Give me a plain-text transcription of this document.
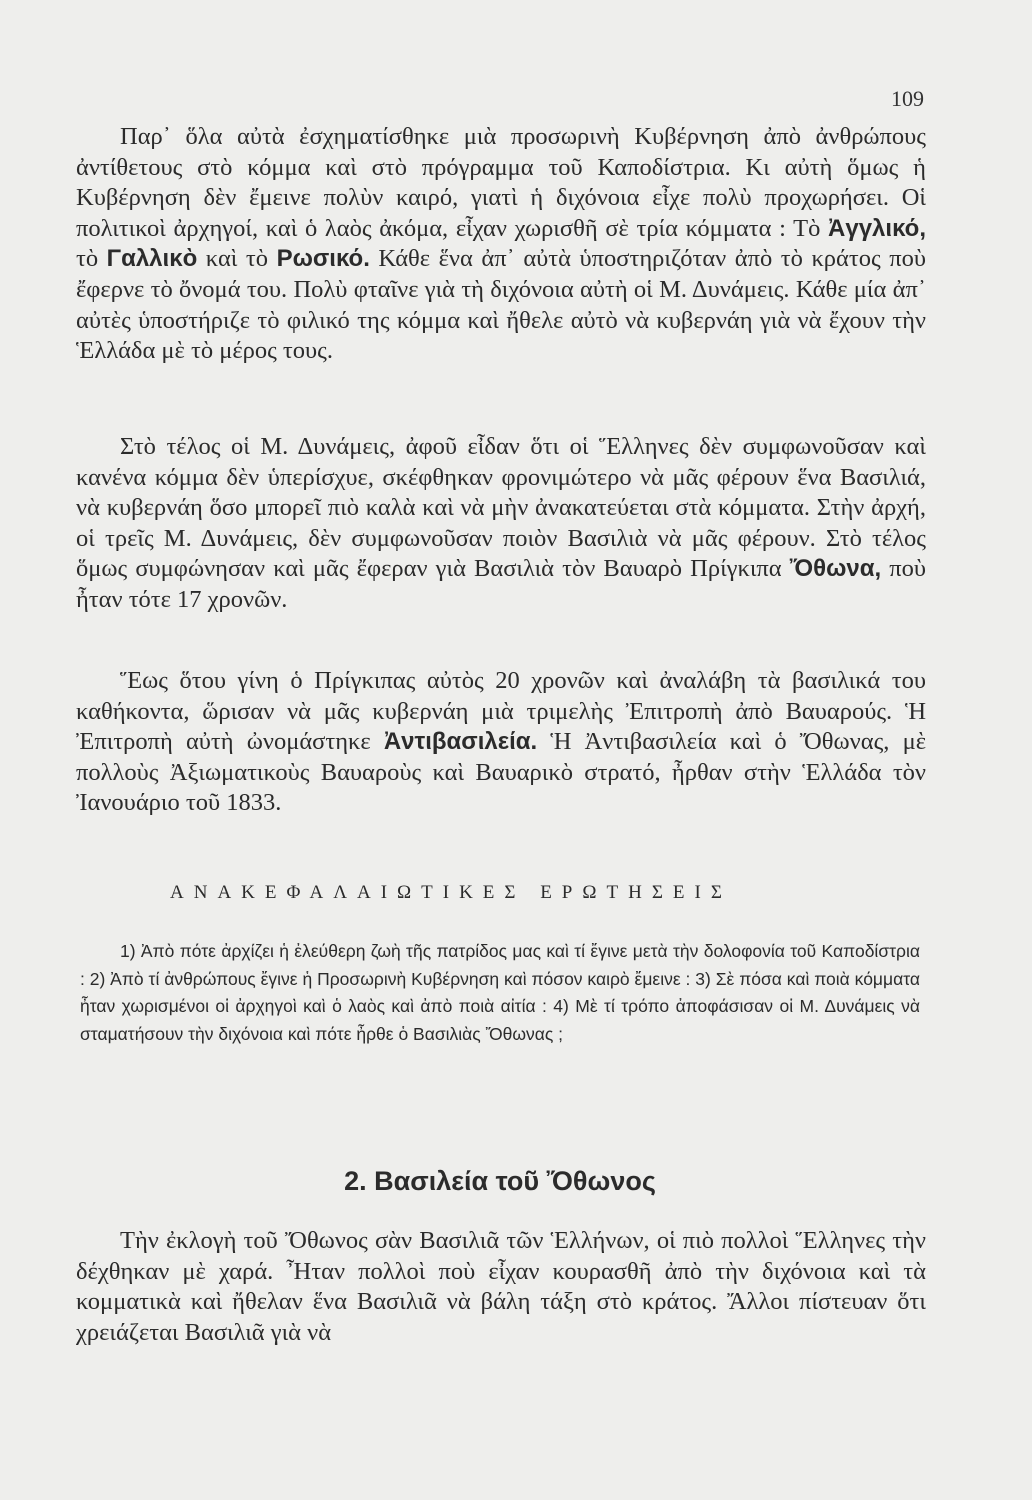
109

Παρ᾿ ὅλα αὐτὰ ἐσχηματίσθηκε μιὰ προσωρινὴ Κυβέρνηση ἀπὸ ἀνθρώπους ἀντίθετους στὸ κόμμα καὶ στὸ πρόγραμμα τοῦ Καποδίστρια. Κι αὐτὴ ὅμως ἡ Κυβέρνηση δὲν ἔμεινε πολὺν καιρό, γιατὶ ἡ διχόνοια εἶχε πολὺ προχωρήσει. Οἱ πολιτικοὶ ἀρχηγοί, καὶ ὁ λαὸς ἀκόμα, εἶχαν χωρισθῆ σὲ τρία κόμματα : Τὸ Ἀγγλικό, τὸ Γαλλικὸ καὶ τὸ Ρωσικό. Κάθε ἕνα ἀπ᾿ αὐτὰ ὑποστηριζόταν ἀπὸ τὸ κράτος ποὺ ἔφερνε τὸ ὄνομά του. Πολὺ φταῖνε γιὰ τὴ διχόνοια αὐτὴ οἱ Μ. Δυνάμεις. Κάθε μία ἀπ᾿ αὐτὲς ὑποστήριζε τὸ φιλικό της κόμμα καὶ ἤθελε αὐτὸ νὰ κυβερνάη γιὰ νὰ ἔχουν τὴν Ἑλλάδα μὲ τὸ μέρος τους.

Στὸ τέλος οἱ Μ. Δυνάμεις, ἀφοῦ εἶδαν ὅτι οἱ Ἕλληνες δὲν συμφωνοῦσαν καὶ κανένα κόμμα δὲν ὑπερίσχυε, σκέφθηκαν φρονιμώτερο νὰ μᾶς φέρουν ἕνα Βασιλιά, νὰ κυβερνάη ὅσο μπορεῖ πιὸ καλὰ καὶ νὰ μὴν ἀνακατεύεται στὰ κόμματα. Στὴν ἀρχή, οἱ τρεῖς Μ. Δυνάμεις, δὲν συμφωνοῦσαν ποιὸν Βασιλιὰ νὰ μᾶς φέρουν. Στὸ τέλος ὅμως συμφώνησαν καὶ μᾶς ἔφεραν γιὰ Βασιλιὰ τὸν Βαυαρὸ Πρίγκιπα Ὄθωνα, ποὺ ἦταν τότε 17 χρονῶν.

Ἕως ὅτου γίνη ὁ Πρίγκιπας αὐτὸς 20 χρονῶν καὶ ἀναλάβη τὰ βασιλικά του καθήκοντα, ὥρισαν νὰ μᾶς κυβερνάη μιὰ τριμελὴς Ἐπιτροπὴ ἀπὸ Βαυαρούς. Ἡ Ἐπιτροπὴ αὐτὴ ὠνομάστηκε Ἀντιβασιλεία. Ἡ Ἀντιβασιλεία καὶ ὁ Ὄθωνας, μὲ πολλοὺς Ἀξιωματικοὺς Βαυαροὺς καὶ Βαυαρικὸ στρατό, ἦρθαν στὴν Ἑλλάδα τὸν Ἰανουάριο τοῦ 1833.

ΑΝΑΚΕΦΑΛΑΙΩΤΙΚΕΣ ΕΡΩΤΗΣΕΙΣ

1) Ἀπὸ πότε ἀρχίζει ἡ ἐλεύθερη ζωὴ τῆς πατρίδος μας καὶ τί ἔγινε μετὰ τὴν δολοφονία τοῦ Καποδίστρια : 2) Ἀπὸ τί ἀνθρώπους ἔγινε ἡ Προσωρινὴ Κυβέρνηση καὶ πόσον καιρὸ ἔμεινε : 3) Σὲ πόσα καὶ ποιὰ κόμματα ἦταν χωρισμένοι οἱ ἀρχηγοὶ καὶ ὁ λαὸς καὶ ἀπὸ ποιὰ αἰτία : 4) Μὲ τί τρόπο ἀποφάσισαν οἱ Μ. Δυνάμεις νὰ σταματήσουν τὴν διχόνοια καὶ πότε ἦρθε ὁ Βασιλιὰς Ὄθωνας ;

2. Βασιλεία τοῦ Ὄθωνος

Τὴν ἐκλογὴ τοῦ Ὄθωνος σὰν Βασιλιᾶ τῶν Ἑλλήνων, οἱ πιὸ πολλοὶ Ἕλληνες τὴν δέχθηκαν μὲ χαρά. Ἦταν πολλοὶ ποὺ εἶχαν κουρασθῆ ἀπὸ τὴν διχόνοια καὶ τὰ κομματικὰ καὶ ἤθελαν ἕνα Βασιλιᾶ νὰ βάλη τάξη στὸ κράτος. Ἄλλοι πίστευαν ὅτι χρειάζεται Βασιλιᾶ γιὰ νὰ
